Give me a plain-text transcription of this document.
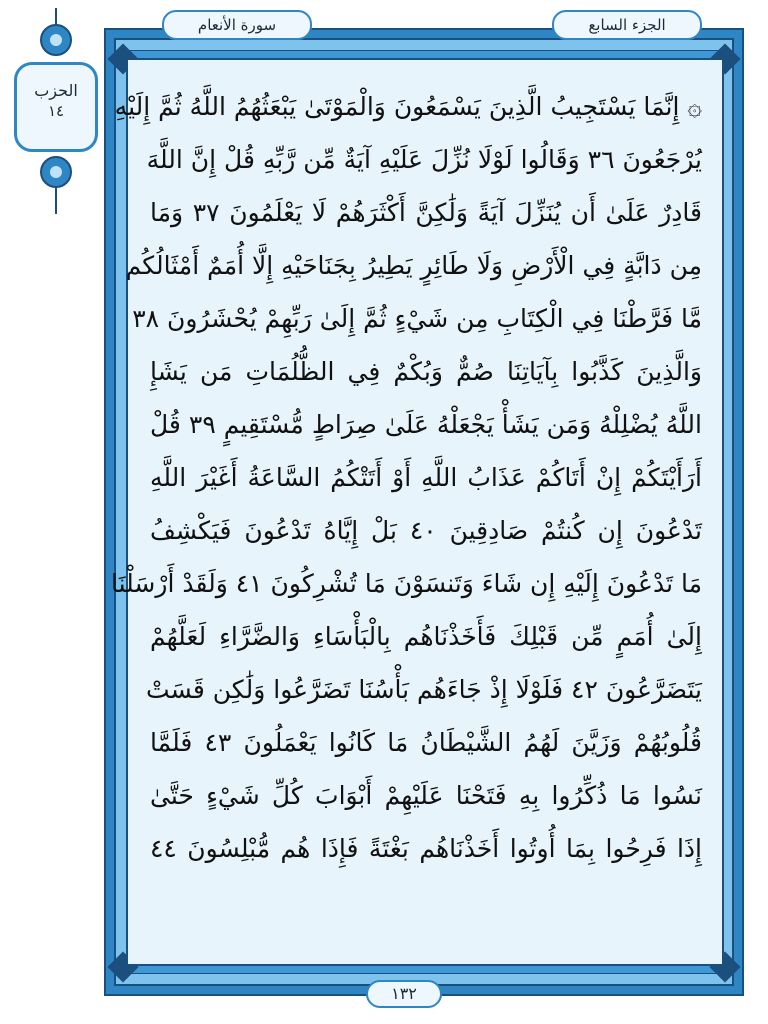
سورة الأنعام	الجزء السابع
الحزب
١٤	۞ إِنَّمَا يَسْتَجِيبُ الَّذِينَ يَسْمَعُونَ وَالْمَوْتَىٰ يَبْعَثُهُمُ اللَّهُ ثُمَّ إِلَيْهِ
يُرْجَعُونَ ٣٦ وَقَالُوا لَوْلَا نُزِّلَ عَلَيْهِ آيَةٌ مِّن رَّبِّهِ قُلْ إِنَّ اللَّهَ
قَادِرٌ عَلَىٰ أَن يُنَزِّلَ آيَةً وَلَٰكِنَّ أَكْثَرَهُمْ لَا يَعْلَمُونَ ٣٧ وَمَا
مِن دَابَّةٍ فِي الْأَرْضِ وَلَا طَائِرٍ يَطِيرُ بِجَنَاحَيْهِ إِلَّا أُمَمٌ أَمْثَالُكُم
مَّا فَرَّطْنَا فِي الْكِتَابِ مِن شَيْءٍ ثُمَّ إِلَىٰ رَبِّهِمْ يُحْشَرُونَ ٣٨
وَالَّذِينَ كَذَّبُوا بِآيَاتِنَا صُمٌّ وَبُكْمٌ فِي الظُّلُمَاتِ مَن يَشَإِ
اللَّهُ يُضْلِلْهُ وَمَن يَشَأْ يَجْعَلْهُ عَلَىٰ صِرَاطٍ مُّسْتَقِيمٍ ٣٩ قُلْ
أَرَأَيْتَكُمْ إِنْ أَتَاكُمْ عَذَابُ اللَّهِ أَوْ أَتَتْكُمُ السَّاعَةُ أَغَيْرَ اللَّهِ
تَدْعُونَ إِن كُنتُمْ صَادِقِينَ ٤٠ بَلْ إِيَّاهُ تَدْعُونَ فَيَكْشِفُ
مَا تَدْعُونَ إِلَيْهِ إِن شَاءَ وَتَنسَوْنَ مَا تُشْرِكُونَ ٤١ وَلَقَدْ أَرْسَلْنَا
إِلَىٰ أُمَمٍ مِّن قَبْلِكَ فَأَخَذْنَاهُم بِالْبَأْسَاءِ وَالضَّرَّاءِ لَعَلَّهُمْ
يَتَضَرَّعُونَ ٤٢ فَلَوْلَا إِذْ جَاءَهُم بَأْسُنَا تَضَرَّعُوا وَلَٰكِن قَسَتْ
قُلُوبُهُمْ وَزَيَّنَ لَهُمُ الشَّيْطَانُ مَا كَانُوا يَعْمَلُونَ ٤٣ فَلَمَّا
نَسُوا مَا ذُكِّرُوا بِهِ فَتَحْنَا عَلَيْهِمْ أَبْوَابَ كُلِّ شَيْءٍ حَتَّىٰ
إِذَا فَرِحُوا بِمَا أُوتُوا أَخَذْنَاهُم بَغْتَةً فَإِذَا هُم مُّبْلِسُونَ ٤٤
١٣٢
